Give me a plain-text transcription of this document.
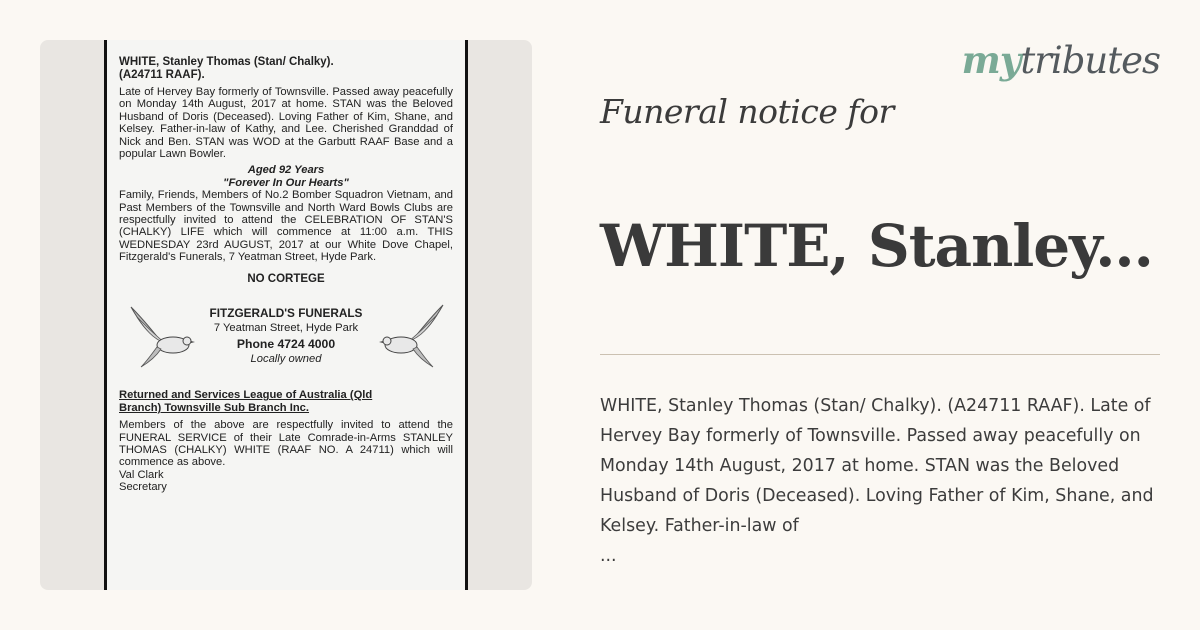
WHITE, Stanley Thomas (Stan/ Chalky).
(A24711 RAAF).
Late of Hervey Bay formerly of Townsville. Passed away peacefully on Monday 14th August, 2017 at home. STAN was the Beloved Husband of Doris (Deceased). Loving Father of Kim, Shane, and Kelsey. Father-in-law of Kathy, and Lee. Cherished Granddad of Nick and Ben. STAN was WOD at the Garbutt RAAF Base and a popular Lawn Bowler.
Aged 92 Years
"Forever In Our Hearts"
Family, Friends, Members of No.2 Bomber Squadron Vietnam, and Past Members of the Townsville and North Ward Bowls Clubs are respectfully invited to attend the CELEBRATION OF STAN'S (CHALKY) LIFE which will commence at 11:00 a.m. THIS WEDNESDAY 23rd AUGUST, 2017 at our White Dove Chapel, Fitzgerald's Funerals, 7 Yeatman Street, Hyde Park.
NO CORTEGE
FITZGERALD'S FUNERALS
7 Yeatman Street, Hyde Park
Phone 4724 4000
Locally owned
Returned and Services League of Australia (Qld Branch) Townsville Sub Branch Inc.
Members of the above are respectfully invited to attend the FUNERAL SERVICE of their Late Comrade-in-Arms STANLEY THOMAS (CHALKY) WHITE (RAAF NO. A 24711) which will commence as above.
Val Clark
Secretary
mytributes
Funeral notice for
WHITE, Stanley...
WHITE, Stanley Thomas (Stan/ Chalky). (A24711 RAAF). Late of Hervey Bay formerly of Townsville. Passed away peacefully on Monday 14th August, 2017 at home. STAN was the Beloved Husband of Doris (Deceased). Loving Father of Kim, Shane, and Kelsey. Father-in-law of
...
